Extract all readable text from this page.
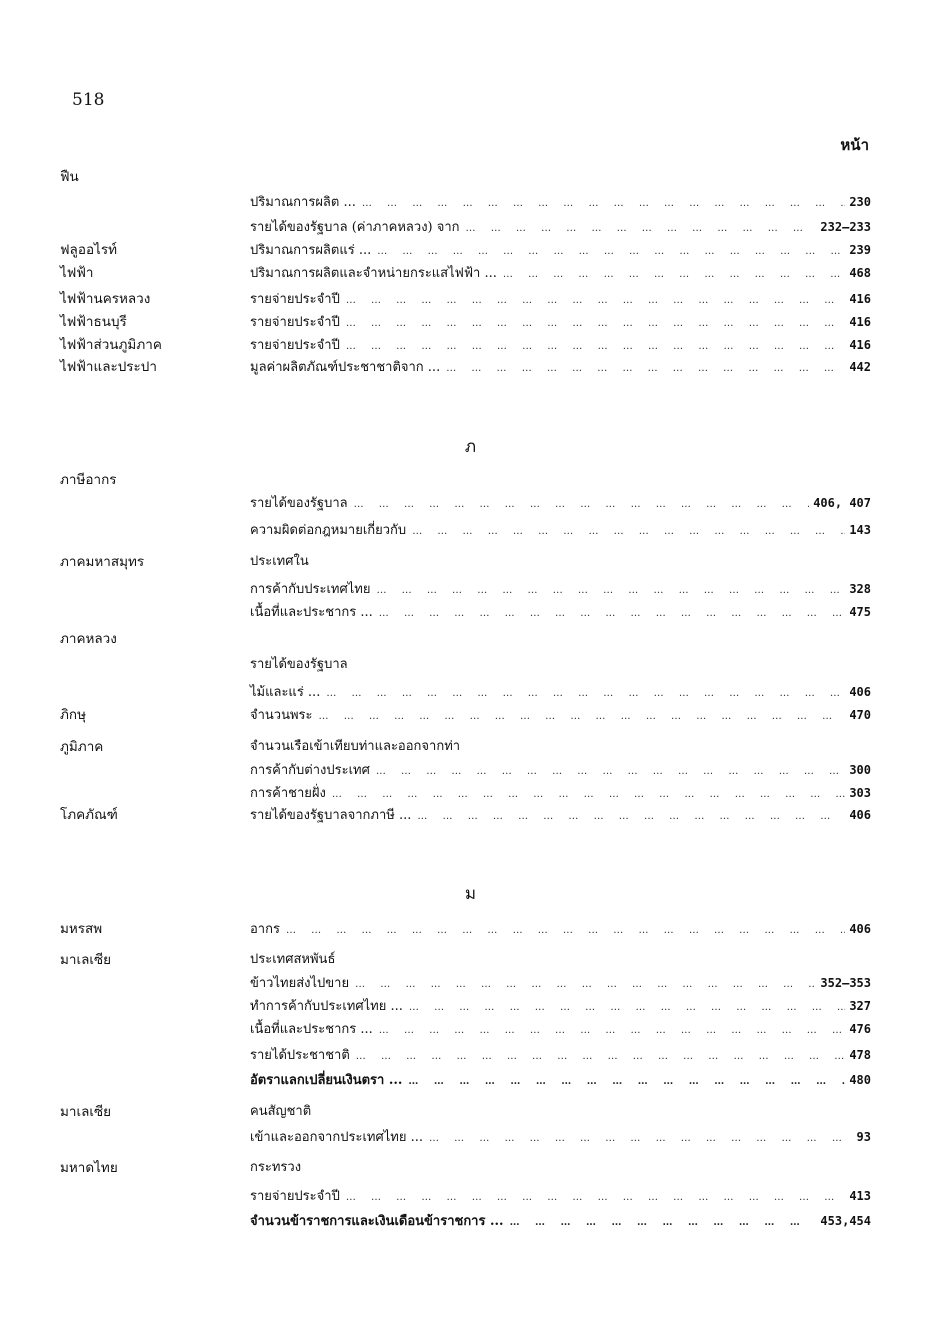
518
หน้า
ภ
ม
ฟืน
ปริมาณการผลิต ... … … … … … … … … … … … … … … … … … … … … … … … … … … … … … … … … … … … … … … … … … … … … … … … … … …	230
รายได้ของรัฐบาล (ค่าภาคหลวง) จาก … … … … … … … … … … … … … … … … … … … … … … … … … … … … … … … … … … … … … … … … … … … … … … … … … …	232—233
ฟลูออไรท์	ปริมาณการผลิตแร่ ... … … … … … … … … … … … … … … … … … … … … … … … … … … … … … … … … … … … … … … … … … … … … … … … … … …	239
ไฟฟ้า	ปริมาณการผลิตและจำหน่ายกระแสไฟฟ้า ... … … … … … … … … … … … … … … … … … … … … … … … … … … … … … … … … … … … … … … … … … … … … … … … … … …	468
ไฟฟ้านครหลวง	รายจ่ายประจำปี … … … … … … … … … … … … … … … … … … … … … … … … … … … … … … … … … … … … … … … … … … … … … … … … … …	416
ไฟฟ้าธนบุรี	รายจ่ายประจำปี … … … … … … … … … … … … … … … … … … … … … … … … … … … … … … … … … … … … … … … … … … … … … … … … … …	416
ไฟฟ้าส่วนภูมิภาค	รายจ่ายประจำปี … … … … … … … … … … … … … … … … … … … … … … … … … … … … … … … … … … … … … … … … … … … … … … … … … …	416
ไฟฟ้าและประปา	มูลค่าผลิตภัณฑ์ประชาชาติจาก ... … … … … … … … … … … … … … … … … … … … … … … … … … … … … … … … … … … … … … … … … … … … … … … … … … …	442
ภาษีอากร
รายได้ของรัฐบาล … … … … … … … … … … … … … … … … … … … … … … … … … … … … … … … … … … … … … … … … … … … … … … … … … …	406, 407
ความผิดต่อกฎหมายเกี่ยวกับ … … … … … … … … … … … … … … … … … … … … … … … … … … … … … … … … … … … … … … … … … … … … … … … … … …	143
ภาคมหาสมุทร	ประเทศใน
การค้ากับประเทศไทย … … … … … … … … … … … … … … … … … … … … … … … … … … … … … … … … … … … … … … … … … … … … … … … … … …	328
เนื้อที่และประชากร ... … … … … … … … … … … … … … … … … … … … … … … … … … … … … … … … … … … … … … … … … … … … … … … … … … …	475
ภาคหลวง
รายได้ของรัฐบาล
ไม้และแร่ ... … … … … … … … … … … … … … … … … … … … … … … … … … … … … … … … … … … … … … … … … … … … … … … … … … …	406
ภิกษุ	จำนวนพระ … … … … … … … … … … … … … … … … … … … … … … … … … … … … … … … … … … … … … … … … … … … … … … … … … …	470
ภูมิภาค	จำนวนเรือเข้าเทียบท่าและออกจากท่า
การค้ากับต่างประเทศ … … … … … … … … … … … … … … … … … … … … … … … … … … … … … … … … … … … … … … … … … … … … … … … … … …	300
การค้าชายฝั่ง … … … … … … … … … … … … … … … … … … … … … … … … … … … … … … … … … … … … … … … … … … … … … … … … … …	303
โภคภัณฑ์	รายได้ของรัฐบาลจากภาษี ... … … … … … … … … … … … … … … … … … … … … … … … … … … … … … … … … … … … … … … … … … … … … … … … … … …	406
มหรสพ	อากร … … … … … … … … … … … … … … … … … … … … … … … … … … … … … … … … … … … … … … … … … … … … … … … … … …	406
มาเลเซีย	ประเทศสหพันธ์
ข้าวไทยส่งไปขาย … … … … … … … … … … … … … … … … … … … … … … … … … … … … … … … … … … … … … … … … … … … … … … … … … …	352—353
ทำการค้ากับประเทศไทย ... … … … … … … … … … … … … … … … … … … … … … … … … … … … … … … … … … … … … … … … … … … … … … … … … … …	327
เนื้อที่และประชากร ... … … … … … … … … … … … … … … … … … … … … … … … … … … … … … … … … … … … … … … … … … … … … … … … … … …	476
รายได้ประชาชาติ … … … … … … … … … … … … … … … … … … … … … … … … … … … … … … … … … … … … … … … … … … … … … … … … … …	478
อัตราแลกเปลี่ยนเงินตรา ... … … … … … … … … … … … … … … … … … … … … … … … … … … … … … … … … … … … … … … … … … … … … … … … … … …	480
มาเลเซีย	คนสัญชาติ
เข้าและออกจากประเทศไทย ... … … … … … … … … … … … … … … … … … … … … … … … … … … … … … … … … … … … … … … … … … … … … … … … … … …	93
มหาดไทย	กระทรวง
รายจ่ายประจำปี … … … … … … … … … … … … … … … … … … … … … … … … … … … … … … … … … … … … … … … … … … … … … … … … … …	413
จำนวนข้าราชการและเงินเดือนข้าราชการ ... … … … … … … … … … … … … … … … … … … … … … … … … … … … … … … … … … … … … … … … … … … … … … … … … … …	453,454
